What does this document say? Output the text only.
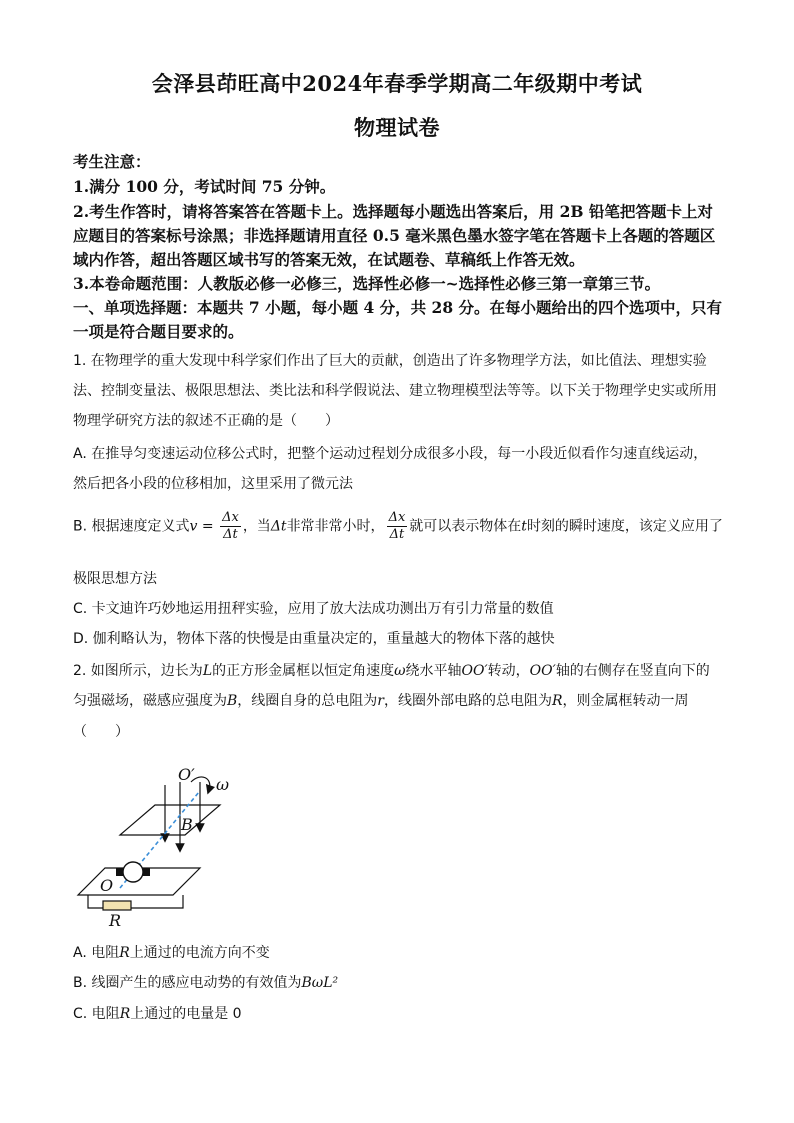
会泽县茚旺高中2024年春季学期高二年级期中考试
物理试卷
考生注意：
1.满分 100 分，考试时间 75 分钟。
2.考生作答时，请将答案答在答题卡上。选择题每小题选出答案后，用 2B 铅笔把答题卡上对
应题目的答案标号涂黑；非选择题请用直径 0.5 毫米黑色墨水签字笔在答题卡上各题的答题区
域内作答，超出答题区域书写的答案无效，在试题卷、草稿纸上作答无效。
3.本卷命题范围：人教版必修一必修三，选择性必修一~选择性必修三第一章第三节。
一、单项选择题：本题共 7 小题，每小题 4 分，共 28 分。在每小题给出的四个选项中，只有
一项是符合题目要求的。
1. 在物理学的重大发现中科学家们作出了巨大的贡献，创造出了许多物理学方法，如比值法、理想实验
法、控制变量法、极限思想法、类比法和科学假说法、建立物理模型法等等。以下关于物理学史实或所用
物理学研究方法的叙述不正确的是（　　）
A. 在推导匀变速运动位移公式时，把整个运动过程划分成很多小段，每一小段近似看作匀速直线运动，
然后把各小段的位移相加，这里采用了微元法
B. 根据速度定义式$v = \frac{\Delta x}{\Delta t}$ ，当Δt非常非常小时， $\frac{\Delta x}{\Delta t}$ 就可以表示物体在t时刻的瞬时速度，该定义应用了
极限思想方法
C. 卡文迪许巧妙地运用扭秤实验，应用了放大法成功测出万有引力常量的数值
D. 伽利略认为，物体下落的快慢是由重量决定的，重量越大的物体下落的越快
2. 如图所示，边长为L的正方形金属框以恒定角速度ω绕水平轴OO′转动，OO′轴的右侧存在竖直向下的
匀强磁场，磁感应强度为B，线圈自身的总电阻为r，线圈外部电路的总电阻为R，则金属框转动一周
（　　）
O′
ω
B
O
R
A. 电阻R上通过的电流方向不变
B. 线圈产生的感应电动势的有效值为BωL²
C. 电阻R上通过的电量是 0
